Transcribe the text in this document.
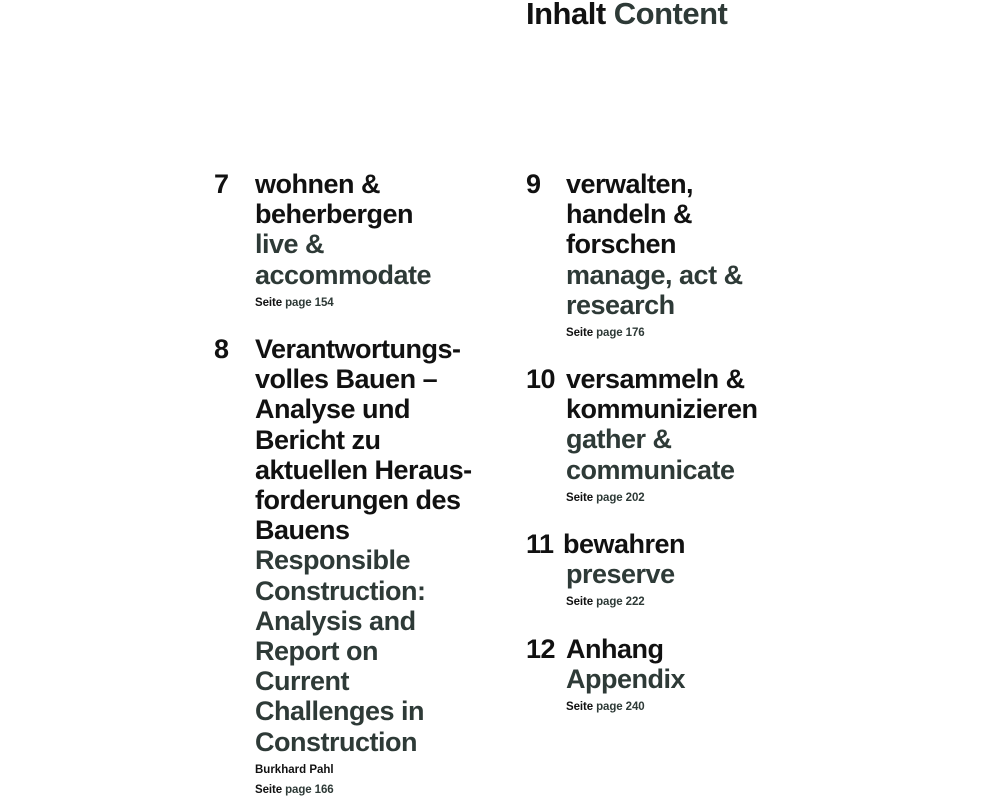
Inhalt Content
7 wohnen &
beherbergen
live &
accommodate
Seite page 154
8 Verantwortungs-
volles Bauen –
Analyse und
Bericht zu
aktuellen Heraus-
forderungen des
Bauens
Responsible
Construction:
Analysis and
Report on
Current
Challenges in
Construction
Burkhard Pahl
Seite page 166
9 verwalten,
handeln &
forschen
manage, act &
research
Seite page 176
10 versammeln &
kommunizieren
gather &
communicate
Seite page 202
11 bewahren
preserve
Seite page 222
12 Anhang
Appendix
Seite page 240
